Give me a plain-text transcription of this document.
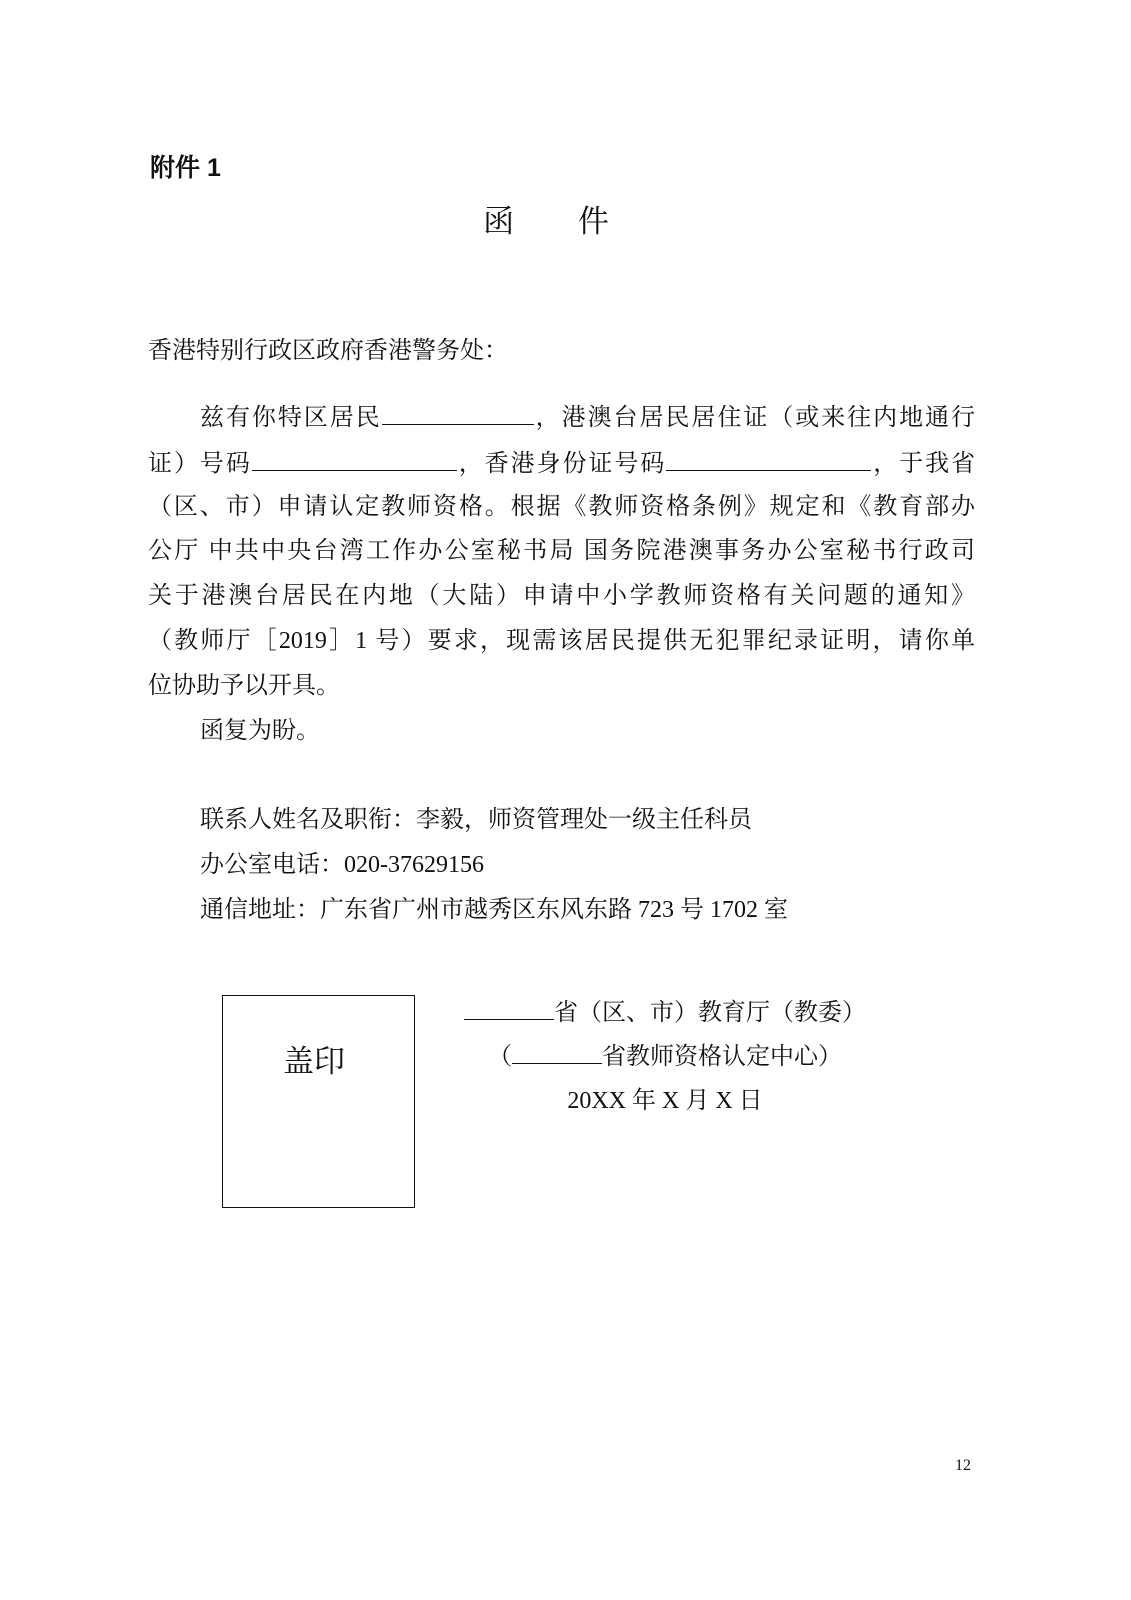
附件 1
函 件
香港特别行政区政府香港警务处：
兹有你特区居民	，港澳台居民居住证（或来往内地通行
证）号码	，香港身份证号码	，于我省
（区、市）申请认定教师资格。根据《教师资格条例》规定和《教育部办
公厅 中共中央台湾工作办公室秘书局 国务院港澳事务办公室秘书行政司
关于港澳台居民在内地（大陆）申请中小学教师资格有关问题的通知》
（教师厅［2019］1 号）要求，现需该居民提供无犯罪纪录证明，请你单
位协助予以开具。
函复为盼。
联系人姓名及职衔：李毅，师资管理处一级主任科员
办公室电话：020-37629156
通信地址：广东省广州市越秀区东风东路 723 号 1702 室
盖印
省（区、市）教育厅（教委）
（	省教师资格认定中心）
20XX 年 X 月 X 日
12
